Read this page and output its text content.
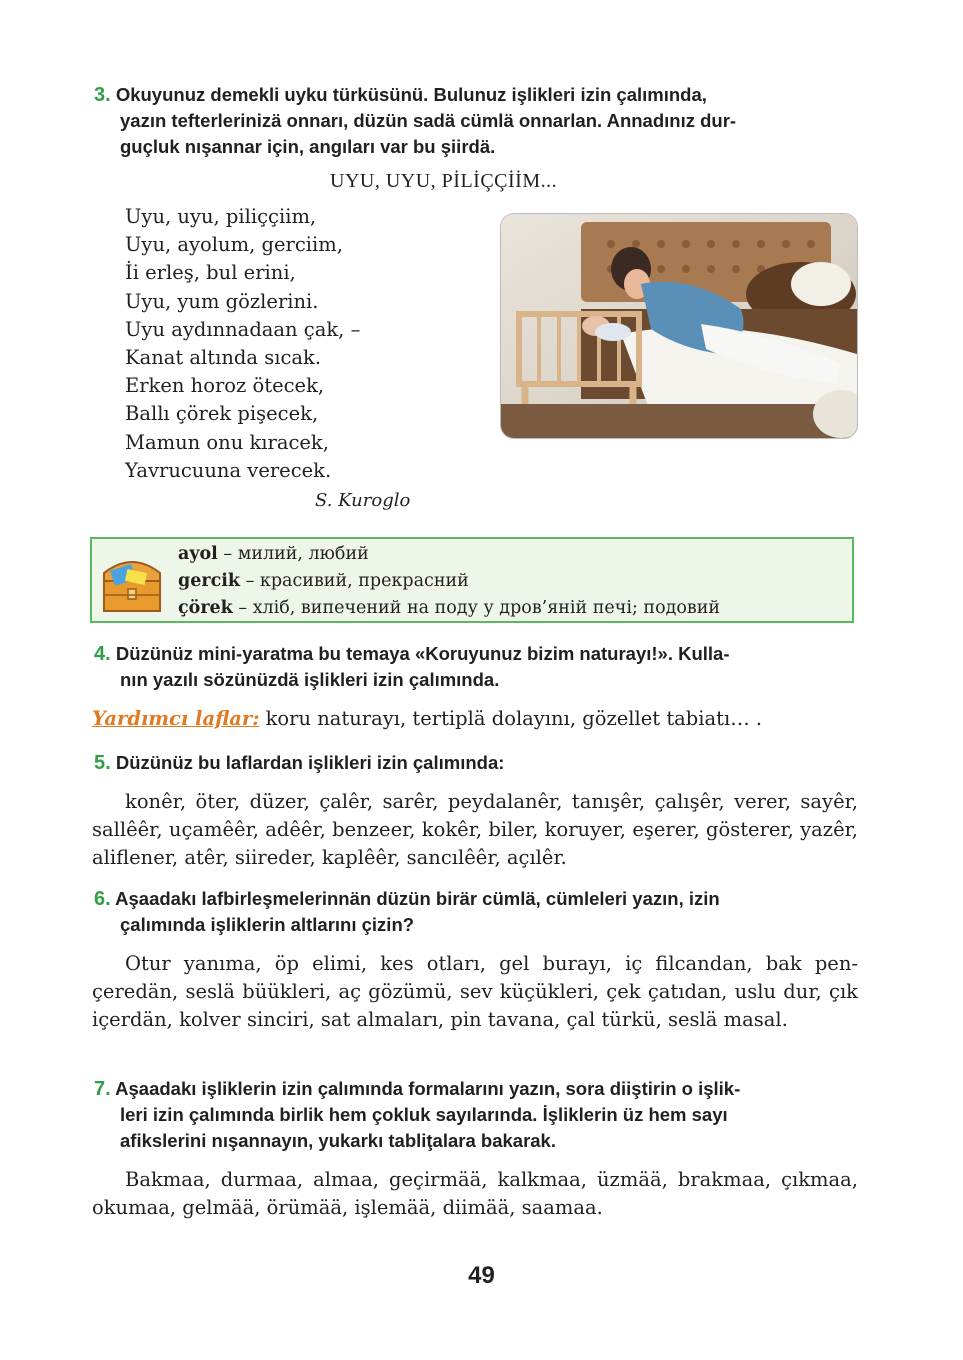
3. Okuyunuz demekli uyku türküsünü. Bulunuz işlikleri izin çalımında,
yazın tefterlerinizä onnarı, düzün sadä cümlä onnarlan. Annadınız dur-
guçluk nışannar için, angıları var bu şiirdä.
UYU, UYU, PİLİÇÇİİM...
Uyu, uyu, piliççiim,
Uyu, ayolum, gerciim,
İi erleş, bul erini,
Uyu, yum gözlerini.
Uyu aydınnadaan çak, –
Kanat altında sıcak.
Erken horoz ötecek,
Ballı çörek pişecek,
Mamun onu kıracek,
Yavrucuuna verecek.
S. Kuroglo
ayol – милий, любий
gercik – красивий, прекрасний
çörek – хліб, випечений на поду у дров’яній печі; подовий
4. Düzünüz mini-yaratma bu temaya «Koruyunuz bizim naturayı!». Kulla-
nın yazılı sözünüzdä işlikleri izin çalımında.
Yardımcı laflar: koru naturayı, tertiplä dolayını, gözellet tabiatı… .
5. Düzünüz bu laflardan işlikleri izin çalımında:
konêr, öter, düzer, çalêr, sarêr, peydalanêr, tanışêr, çalışêr, verer, sayêr, sallêêr, uçamêêr, adêêr, benzeer, kokêr, biler, koruyer, eşerer, gösterer, yazêr, aliflener, atêr, siireder, kaplêêr, sancılêêr, açılêr.
6. Aşaadakı lafbirleşmelerinnän düzün birär cümlä, cümleleri yazın, izin
çalımında işliklerin altlarını çizin?
Otur yanıma, öp elimi, kes otları, gel burayı, iç filcandan, bak pençeredän, seslä büükleri, aç gözümü, sev küçükleri, çek çatıdan, uslu dur, çık içerdän, kolver sinciri, sat almaları, pin tavana, çal türkü, seslä masal.
7. Aşaadakı işliklerin izin çalımında formalarını yazın, sora diiştirin o işlik-
leri izin çalımında birlik hem çokluk sayılarında. İşliklerin üz hem sayı
afikslerini nışannayın, yukarkı tabliţalara bakarak.
Bakmaa, durmaa, almaa, geçirmää, kalkmaa, üzmää, brakmaa, çıkmaa, okumaa, gelmää, örümää, işlemää, diimää, saamaa.
49
